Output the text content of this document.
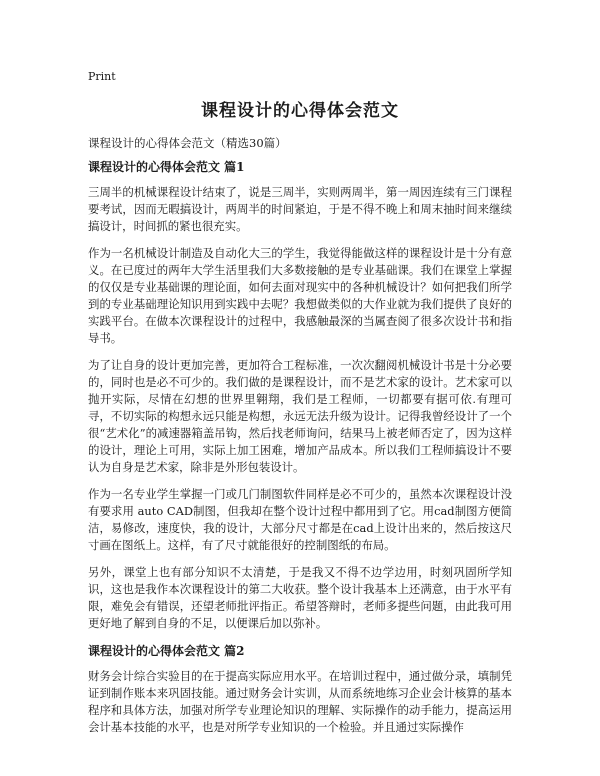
Print
课程设计的心得体会范文
课程设计的心得体会范文（精选30篇）
课程设计的心得体会范文 篇1
三周半的机械课程设计结束了，说是三周半，实则两周半，第一周因连续有三门课程要考试，因而无暇搞设计，两周半的时间紧迫，于是不得不晚上和周末抽时间来继续搞设计，时间抓的紧也很充实。
作为一名机械设计制造及自动化大三的学生，我觉得能做这样的课程设计是十分有意义。在已度过的两年大学生活里我们大多数接触的是专业基础课。我们在课堂上掌握的仅仅是专业基础课的理论面，如何去面对现实中的各种机械设计？如何把我们所学到的专业基础理论知识用到实践中去呢？我想做类似的大作业就为我们提供了良好的实践平台。在做本次课程设计的过程中，我感触最深的当属查阅了很多次设计书和指导书。
为了让自身的设计更加完善，更加符合工程标准，一次次翻阅机械设计书是十分必要的，同时也是必不可少的。我们做的是课程设计，而不是艺术家的设计。艺术家可以抛开实际，尽情在幻想的世界里翱翔，我们是工程师，一切都要有据可依.有理可寻，不切实际的构想永远只能是构想，永远无法升级为设计。记得我曾经设计了一个很“艺术化”的减速器箱盖吊钩，然后找老师询问，结果马上被老师否定了，因为这样的设计，理论上可用，实际上加工困难，增加产品成本。所以我们工程师搞设计不要认为自身是艺术家，除非是外形包装设计。
作为一名专业学生掌握一门或几门制图软件同样是必不可少的，虽然本次课程设计没有要求用 auto CAD制图，但我却在整个设计过程中都用到了它。用cad制图方便简洁，易修改，速度快，我的设计，大部分尺寸都是在cad上设计出来的，然后按这尺寸画在图纸上。这样，有了尺寸就能很好的控制图纸的布局。
另外，课堂上也有部分知识不太清楚，于是我又不得不边学边用，时刻巩固所学知识，这也是我作本次课程设计的第二大收获。整个设计我基本上还满意，由于水平有限，难免会有错误，还望老师批评指正。希望答辩时，老师多提些问题，由此我可用更好地了解到自身的不足，以便课后加以弥补。
课程设计的心得体会范文 篇2
财务会计综合实验目的在于提高实际应用水平。在培训过程中，通过做分录，填制凭证到制作账本来巩固技能。通过财务会计实训，从而系统地练习企业会计核算的基本程序和具体方法，加强对所学专业理论知识的理解、实际操作的动手能力，提高运用会计基本技能的水平，也是对所学专业知识的一个检验。并且通过实际操作
